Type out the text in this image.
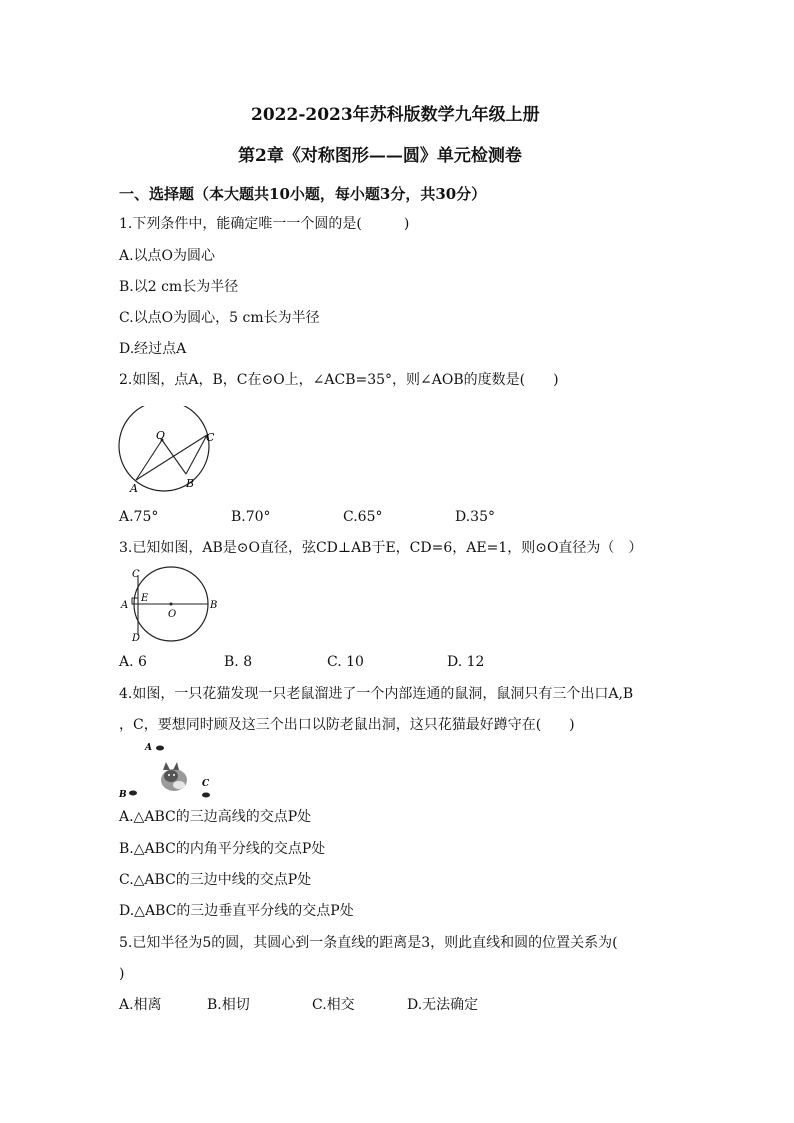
2022-2023年苏科版数学九年级上册
第2章《对称图形——圆》单元检测卷
一、选择题（本大题共10小题，每小题3分，共30分）
1.下列条件中，能确定唯一一个圆的是(　　　)
A.以点O为圆心
B.以2 cm长为半径
C.以点O为圆心，5 cm长为半径
D.经过点A
2.如图，点A，B，C在⊙O上，∠ACB=35°，则∠AOB的度数是(　　)
O	C
A	B
A.75°	B.70°	C.65°	D.35°
3.已知如图，AB是⊙O直径，弦CD⊥AB于E，CD=6，AE=1，则⊙O直径为（　）
C
A
E
O
B
D
A. 6	B. 8	C. 10	D. 12
4.如图，一只花猫发现一只老鼠溜进了一个内部连通的鼠洞，鼠洞只有三个出口A,B
，C，要想同时顾及这三个出口以防老鼠出洞，这只花猫最好蹲守在(　　)
A
B
C
A.△ABC的三边高线的交点P处
B.△ABC的内角平分线的交点P处
C.△ABC的三边中线的交点P处
D.△ABC的三边垂直平分线的交点P处
5.已知半径为5的圆，其圆心到一条直线的距离是3，则此直线和圆的位置关系为(
)
A.相离	B.相切	C.相交	D.无法确定
